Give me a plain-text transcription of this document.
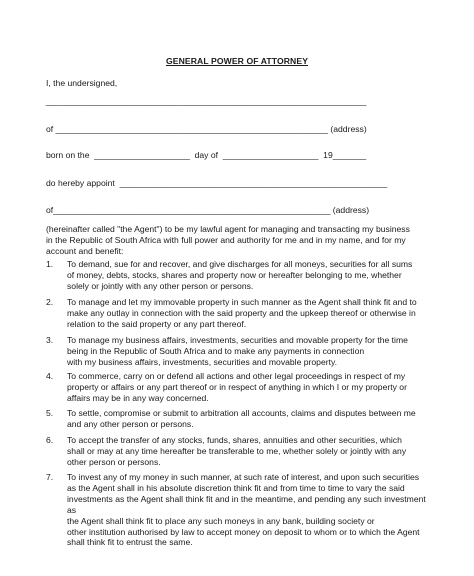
GENERAL POWER OF ATTORNEY
I, the undersigned,
___________________________________________________________________
of _________________________________________________________ (address)
born on the  ____________________  day of  ____________________  19_______
do hereby appoint  ________________________________________________________
of__________________________________________________________ (address)
(hereinafter called "the Agent") to be my lawful agent for managing and transacting my business
in the Republic of South Africa with full power and authority for me and in my name, and for my
account and benefit:
1. To demand, sue for and recover, and give discharges for all moneys, securities for all sums
of money, debts, stocks, shares and property now or hereafter belonging to me, whether
solely or jointly with any other person or persons.
2. To manage and let my immovable property in such manner as the Agent shall think fit and to
make any outlay in connection with the said property and the upkeep thereof or otherwise in
relation to the said property or any part thereof.
3. To manage my business affairs, investments, securities and movable property for the time
being in the Republic of South Africa and to make any payments in connection
with my business affairs, investments, securities and movable property.
4. To commerce, carry on or defend all actions and other legal proceedings in respect of my
property or affairs or any part thereof or in respect of anything in which I or my property or
affairs may be in any way concerned.
5. To settle, compromise or submit to arbitration all accounts, claims and disputes between me
and any other person or persons.
6. To accept the transfer of any stocks, funds, shares, annuities and other securities, which
shall or may at any time hereafter be transferable to me, whether solely or jointly with any
other person or persons.
7. To invest any of my money in such manner, at such rate of interest, and upon such securities
as the Agent shall in his absolute discretion think fit and from time to time to vary the said
investments as the Agent shall think fit and in the meantime, and pending any such investment as
the Agent shall think fit to place any such moneys in any bank, building society or
other institution authorised by law to accept money on deposit to whom or to which the Agent
shall think fit to entrust the same.
